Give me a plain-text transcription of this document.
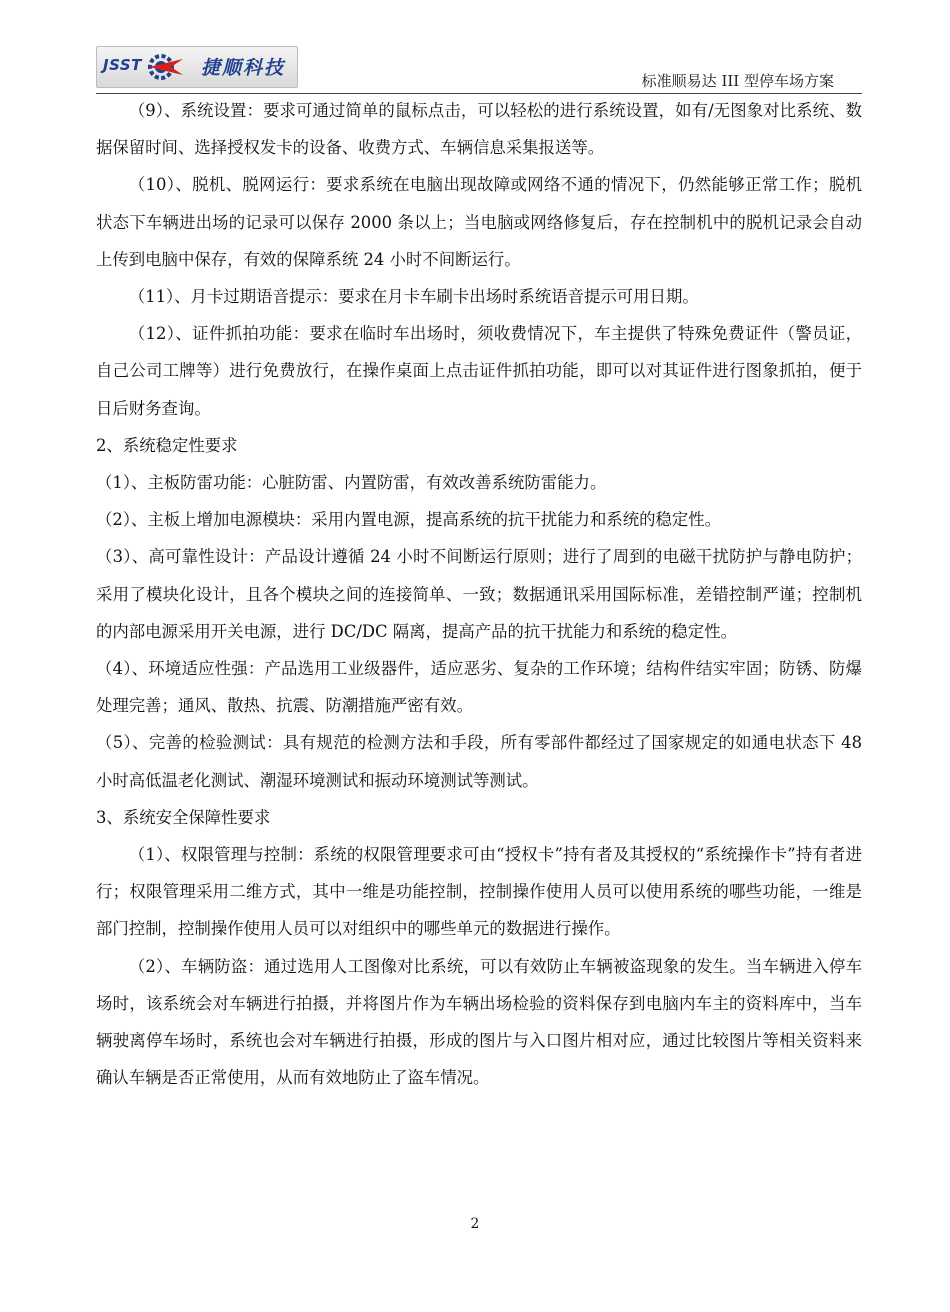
JSST	捷顺科技
标准顺易达 III 型停车场方案

（9）、系统设置：要求可通过简单的鼠标点击，可以轻松的进行系统设置，如有/无图象对比系统、数据保留时间、选择授权发卡的设备、收费方式、车辆信息采集报送等。

（10）、脱机、脱网运行：要求系统在电脑出现故障或网络不通的情况下，仍然能够正常工作；脱机状态下车辆进出场的记录可以保存 2000 条以上；当电脑或网络修复后，存在控制机中的脱机记录会自动上传到电脑中保存，有效的保障系统 24 小时不间断运行。

（11）、月卡过期语音提示：要求在月卡车刷卡出场时系统语音提示可用日期。

（12）、证件抓拍功能：要求在临时车出场时，须收费情况下，车主提供了特殊免费证件（警员证，自己公司工牌等）进行免费放行，在操作桌面上点击证件抓拍功能，即可以对其证件进行图象抓拍，便于日后财务查询。

2、系统稳定性要求

（1）、主板防雷功能：心脏防雷、内置防雷，有效改善系统防雷能力。

（2）、主板上增加电源模块：采用内置电源，提高系统的抗干扰能力和系统的稳定性。

（3）、高可靠性设计：产品设计遵循 24 小时不间断运行原则；进行了周到的电磁干扰防护与静电防护；采用了模块化设计，且各个模块之间的连接简单、一致；数据通讯采用国际标准，差错控制严谨；控制机的内部电源采用开关电源，进行 DC/DC 隔离，提高产品的抗干扰能力和系统的稳定性。

（4）、环境适应性强：产品选用工业级器件，适应恶劣、复杂的工作环境；结构件结实牢固；防锈、防爆处理完善；通风、散热、抗震、防潮措施严密有效。

（5）、完善的检验测试：具有规范的检测方法和手段，所有零部件都经过了国家规定的如通电状态下 48 小时高低温老化测试、潮湿环境测试和振动环境测试等测试。

3、系统安全保障性要求

（1）、权限管理与控制：系统的权限管理要求可由“授权卡”持有者及其授权的“系统操作卡”持有者进行；权限管理采用二维方式，其中一维是功能控制，控制操作使用人员可以使用系统的哪些功能，一维是部门控制，控制操作使用人员可以对组织中的哪些单元的数据进行操作。

（2）、车辆防盗：通过选用人工图像对比系统，可以有效防止车辆被盗现象的发生。当车辆进入停车场时，该系统会对车辆进行拍摄，并将图片作为车辆出场检验的资料保存到电脑内车主的资料库中，当车辆驶离停车场时，系统也会对车辆进行拍摄，形成的图片与入口图片相对应，通过比较图片等相关资料来确认车辆是否正常使用，从而有效地防止了盗车情况。

2
